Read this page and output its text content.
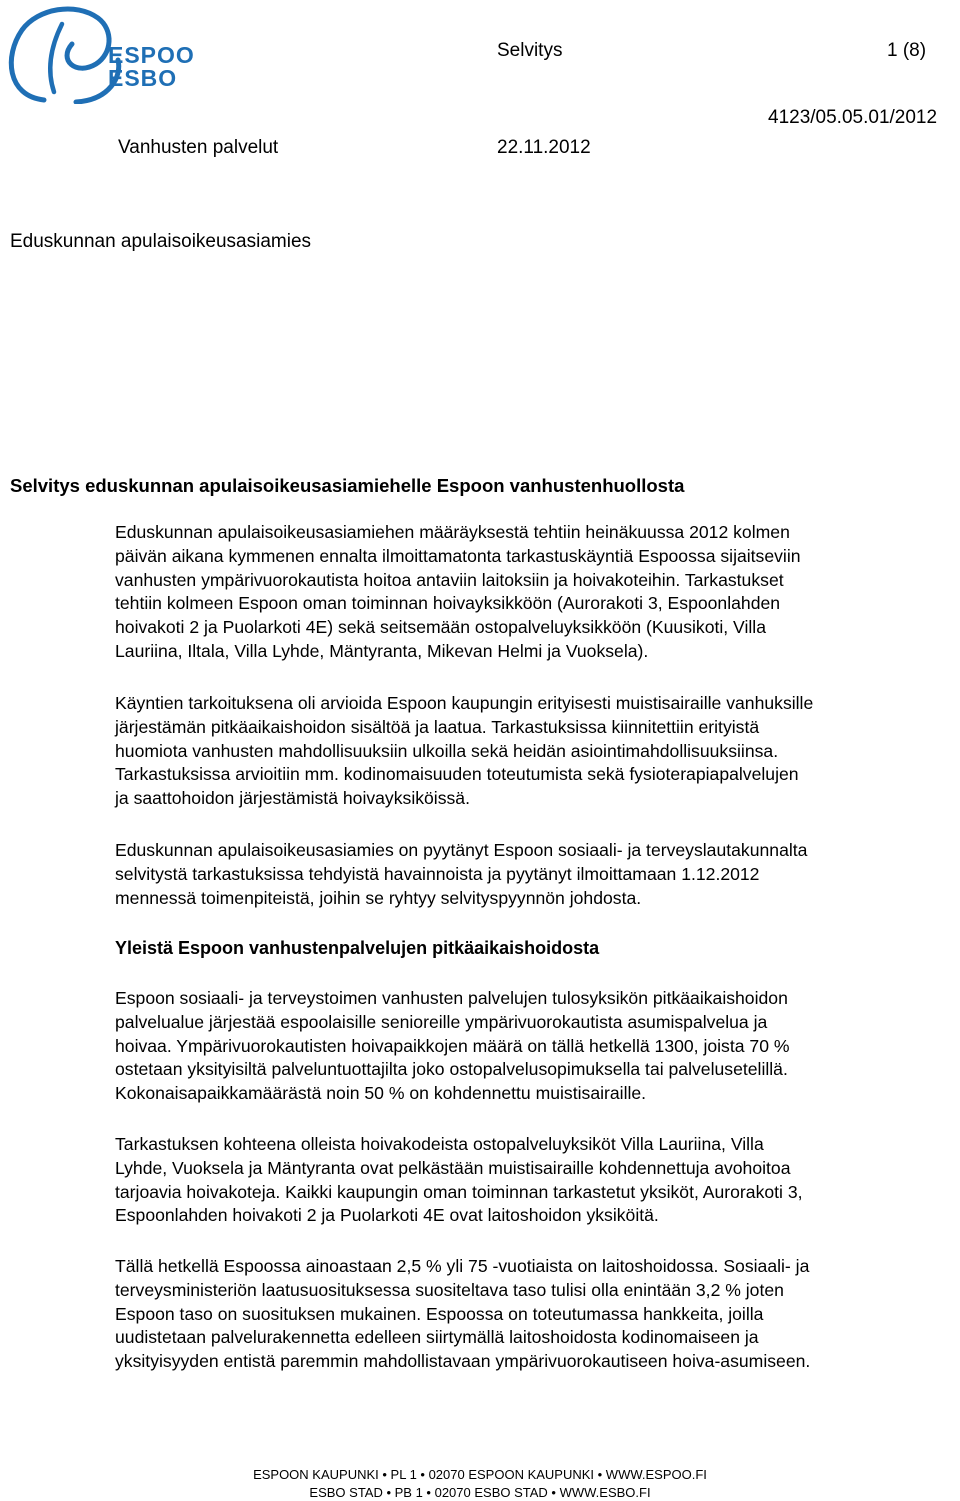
ESPOO
ESBO
Selvitys	1 (8)
Vanhusten palvelut	22.11.2012
4123/05.05.01/2012
Eduskunnan apulaisoikeusasiamies
Selvitys eduskunnan apulaisoikeusasiamiehelle Espoon vanhustenhuollosta

Eduskunnan apulaisoikeusasiamiehen määräyksestä tehtiin heinäkuussa 2012 kolmen
päivän aikana kymmenen ennalta ilmoittamatonta tarkastuskäyntiä Espoossa sijaitseviin
vanhusten ympärivuorokautista hoitoa antaviin laitoksiin ja hoivakoteihin. Tarkastukset
tehtiin kolmeen Espoon oman toiminnan hoivayksikköön (Aurorakoti 3, Espoonlahden
hoivakoti 2 ja Puolarkoti 4E) sekä seitsemään ostopalveluyksikköön (Kuusikoti, Villa
Lauriina, Iltala, Villa Lyhde, Mäntyranta, Mikevan Helmi ja Vuoksela).

Käyntien tarkoituksena oli arvioida Espoon kaupungin erityisesti muistisairaille vanhuksille
järjestämän pitkäaikaishoidon sisältöä ja laatua. Tarkastuksissa kiinnitettiin erityistä
huomiota vanhusten mahdollisuuksiin ulkoilla sekä heidän asiointimahdollisuuksiinsa.
Tarkastuksissa arvioitiin mm. kodinomaisuuden toteutumista sekä fysioterapiapalvelujen
ja saattohoidon järjestämistä hoivayksiköissä.

Eduskunnan apulaisoikeusasiamies on pyytänyt Espoon sosiaali- ja terveyslautakunnalta
selvitystä tarkastuksissa tehdyistä havainnoista ja pyytänyt ilmoittamaan 1.12.2012
mennessä toimenpiteistä, joihin se ryhtyy selvityspyynnön johdosta.

Yleistä Espoon vanhustenpalvelujen pitkäaikaishoidosta

Espoon sosiaali- ja terveystoimen vanhusten palvelujen tulosyksikön pitkäaikaishoidon
palvelualue järjestää espoolaisille senioreille ympärivuorokautista asumispalvelua ja
hoivaa. Ympärivuorokautisten hoivapaikkojen määrä on tällä hetkellä 1300, joista 70 %
ostetaan yksityisiltä palveluntuottajilta joko ostopalvelusopimuksella tai palvelusetelillä.
Kokonaisapaikkamäärästä noin 50 % on kohdennettu muistisairaille.

Tarkastuksen kohteena olleista hoivakodeista ostopalveluyksiköt Villa Lauriina, Villa
Lyhde, Vuoksela ja Mäntyranta ovat pelkästään muistisairaille kohdennettuja avohoitoa
tarjoavia hoivakoteja. Kaikki kaupungin oman toiminnan tarkastetut yksiköt, Aurorakoti 3,
Espoonlahden hoivakoti 2 ja Puolarkoti 4E ovat laitoshoidon yksiköitä.

Tällä hetkellä Espoossa ainoastaan 2,5 % yli 75 -vuotiaista on laitoshoidossa. Sosiaali- ja
terveysministeriön laatusuosituksessa suositeltava taso tulisi olla enintään 3,2 % joten
Espoon taso on suosituksen mukainen. Espoossa on toteutumassa hankkeita, joilla
uudistetaan palvelurakennetta edelleen siirtymällä laitoshoidosta kodinomaiseen ja
yksityisyyden entistä paremmin mahdollistavaan ympärivuorokautiseen hoiva-asumiseen.

ESPOON KAUPUNKI • PL 1 • 02070 ESPOON KAUPUNKI • WWW.ESPOO.FI
ESBO STAD • PB 1 • 02070 ESBO STAD • WWW.ESBO.FI
